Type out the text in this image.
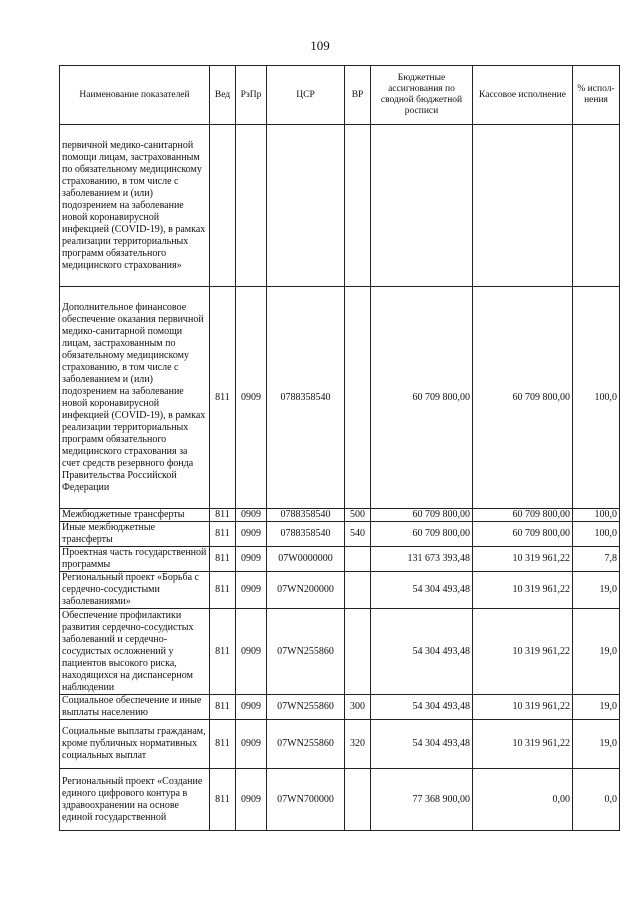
109
Наименование показателей	Вед	РзПр	ЦСР	ВР	Бюджетные ассигнования по сводной бюджетной росписи	Кассовое исполнение	% испол-нения
первичной медико-санитарной помощи лицам, застрахованным по обязательному медицинскому страхованию, в том числе с заболеванием и (или) подозрением на заболевание новой коронавирусной инфекцией (COVID-19), в рамках реализации территориальных программ обязательного медицинского страхования»							
Дополнительное финансовое обеспечение оказания первичной медико-санитарной помощи лицам, застрахованным по обязательному медицинскому страхованию, в том числе с заболеванием и (или) подозрением на заболевание новой коронавирусной инфекцией (COVID-19), в рамках реализации территориальных программ обязательного медицинского страхования за счет средств резервного фонда Правительства Российской Федерации	811	0909	0788358540		60 709 800,00	60 709 800,00	100,0
Межбюджетные трансферты	811	0909	0788358540	500	60 709 800,00	60 709 800,00	100,0
Иные межбюджетные трансферты	811	0909	0788358540	540	60 709 800,00	60 709 800,00	100,0
Проектная часть государственной программы	811	0909	07W0000000		131 673 393,48	10 319 961,22	7,8
Региональный проект «Борьба с сердечно-сосудистыми заболеваниями»	811	0909	07WN200000		54 304 493,48	10 319 961,22	19,0
Обеспечение профилактики развития сердечно-сосудистых заболеваний и сердечно-сосудистых осложнений у пациентов высокого риска, находящихся на диспансерном наблюдении	811	0909	07WN255860		54 304 493,48	10 319 961,22	19,0
Социальное обеспечение и иные выплаты населению	811	0909	07WN255860	300	54 304 493,48	10 319 961,22	19,0
Социальные выплаты гражданам, кроме публичных нормативных социальных выплат	811	0909	07WN255860	320	54 304 493,48	10 319 961,22	19,0
Региональный проект «Создание единого цифрового контура в здравоохранении на основе единой государственной	811	0909	07WN700000		77 368 900,00	0,00	0,0
